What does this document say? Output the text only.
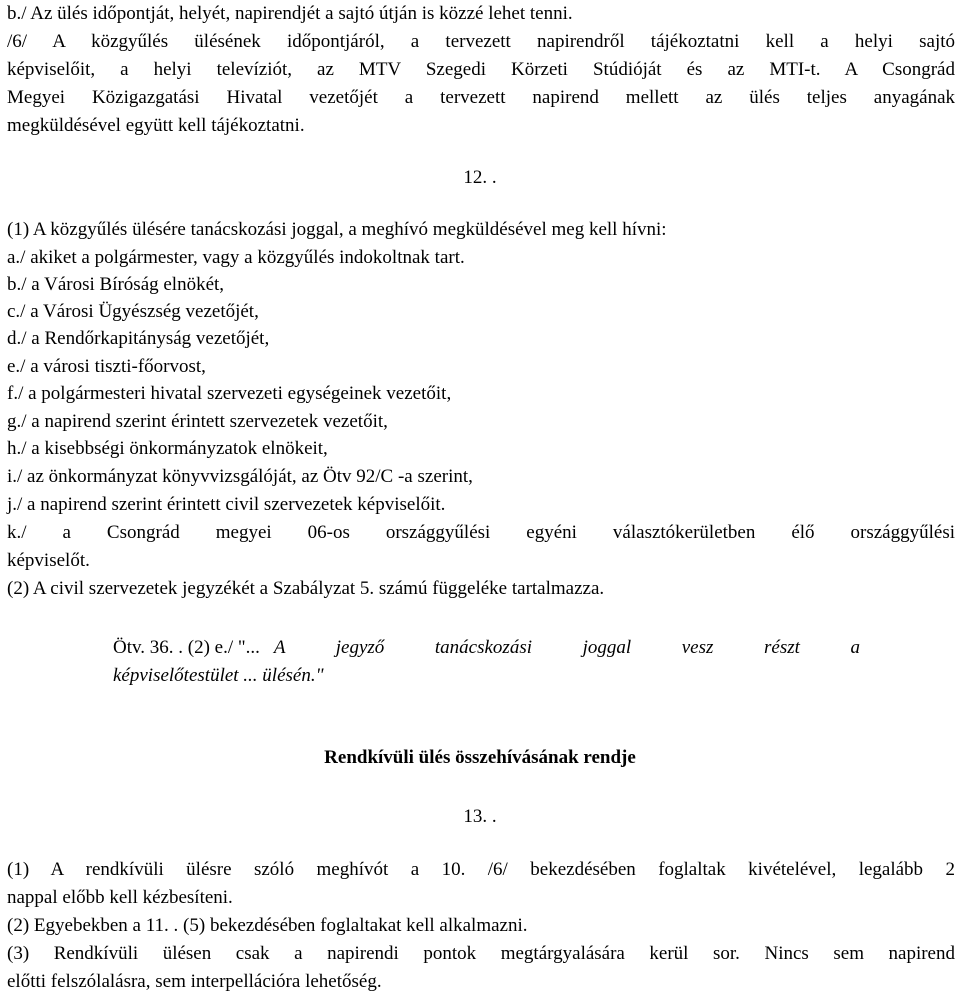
b./ Az ülés időpontját, helyét, napirendjét a sajtó útján is közzé lehet tenni.
/6/ A közgyűlés ülésének időpontjáról, a tervezett napirendről tájékoztatni kell a helyi sajtó
képviselőit, a helyi televíziót, az MTV Szegedi Körzeti Stúdióját és az MTI-t. A Csongrád
Megyei Közigazgatási Hivatal vezetőjét a tervezett napirend mellett az ülés teljes anyagának
megküldésével együtt kell tájékoztatni.
12. .
(1) A közgyűlés ülésére tanácskozási joggal, a meghívó megküldésével meg kell hívni:
a./ akiket a polgármester, vagy a közgyűlés indokoltnak tart.
b./ a Városi Bíróság elnökét,
c./ a Városi Ügyészség vezetőjét,
d./ a Rendőrkapitányság vezetőjét,
e./ a városi tiszti-főorvost,
f./ a polgármesteri hivatal szervezeti egységeinek vezetőit,
g./ a napirend szerint érintett szervezetek vezetőit,
h./ a kisebbségi önkormányzatok elnökeit,
i./ az önkormányzat könyvvizsgálóját, az Ötv 92/C -a szerint,
j./ a napirend szerint érintett civil szervezetek képviselőit.
k./ a Csongrád megyei 06-os országgyűlési egyéni választókerületben élő országgyűlési
képviselőt.
(2) A civil szervezetek jegyzékét a Szabályzat 5. számú függeléke tartalmazza.
Ötv. 36. . (2) e./ "... A jegyző tanácskozási joggal vesz részt a
képviselőtestület ... ülésén."
Rendkívüli ülés összehívásának rendje
13. .
(1) A rendkívüli ülésre szóló meghívót a 10. /6/ bekezdésében foglaltak kivételével, legalább 2
nappal előbb kell kézbesíteni.
(2) Egyebekben a 11. . (5) bekezdésében foglaltakat kell alkalmazni.
(3) Rendkívüli ülésen csak a napirendi pontok megtárgyalására kerül sor. Nincs sem napirend
előtti felszólalásra, sem interpellációra lehetőség.
